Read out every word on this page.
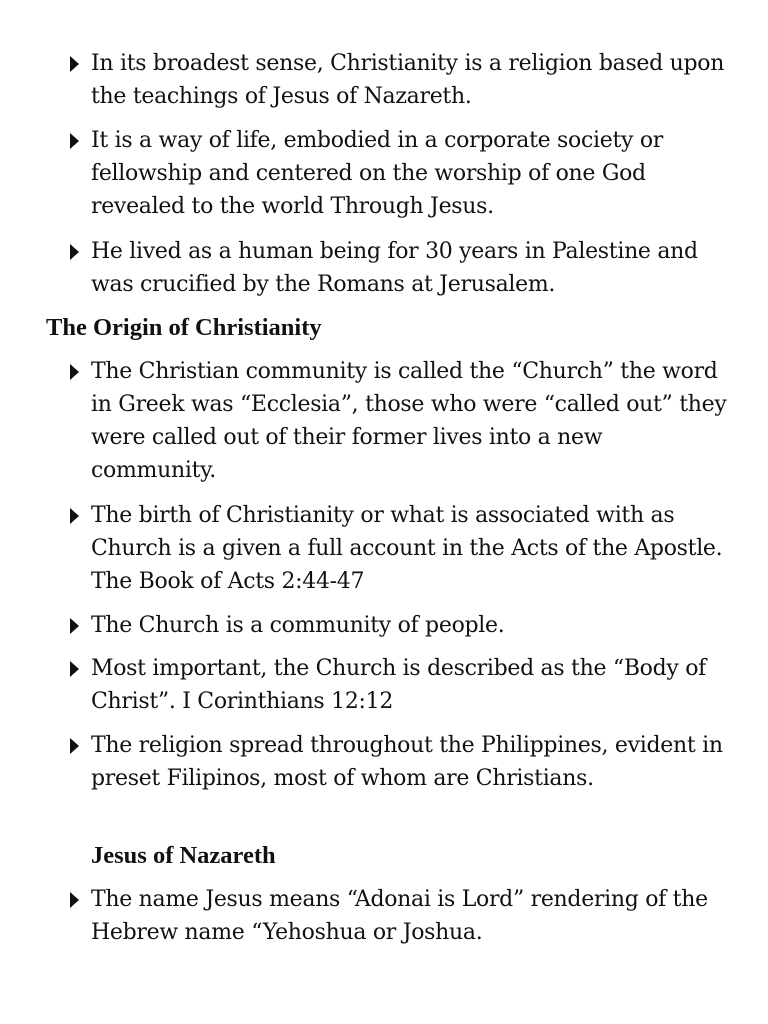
In its broadest sense, Christianity is a religion based upon the teachings of Jesus of Nazareth.
It is a way of life, embodied in a corporate society or fellowship and centered on the worship of one God revealed to the world Through Jesus.
He lived as a human being for 30 years in Palestine and was crucified by the Romans at Jerusalem.
The Origin of Christianity
The Christian community is called the “Church” the word in Greek was “Ecclesia”, those who were “called out” they were called out of their former lives into a new community.
The birth of Christianity or what is associated with as Church is a given a full account in the Acts of the Apostle. The Book of Acts 2:44-47
The Church is a community of people.
Most important, the Church is described as the “Body of Christ”. I Corinthians 12:12
The religion spread throughout the Philippines, evident in preset Filipinos, most of whom are Christians.
Jesus of Nazareth
The name Jesus means “Adonai is Lord” rendering of the Hebrew name “Yehoshua or Joshua.
